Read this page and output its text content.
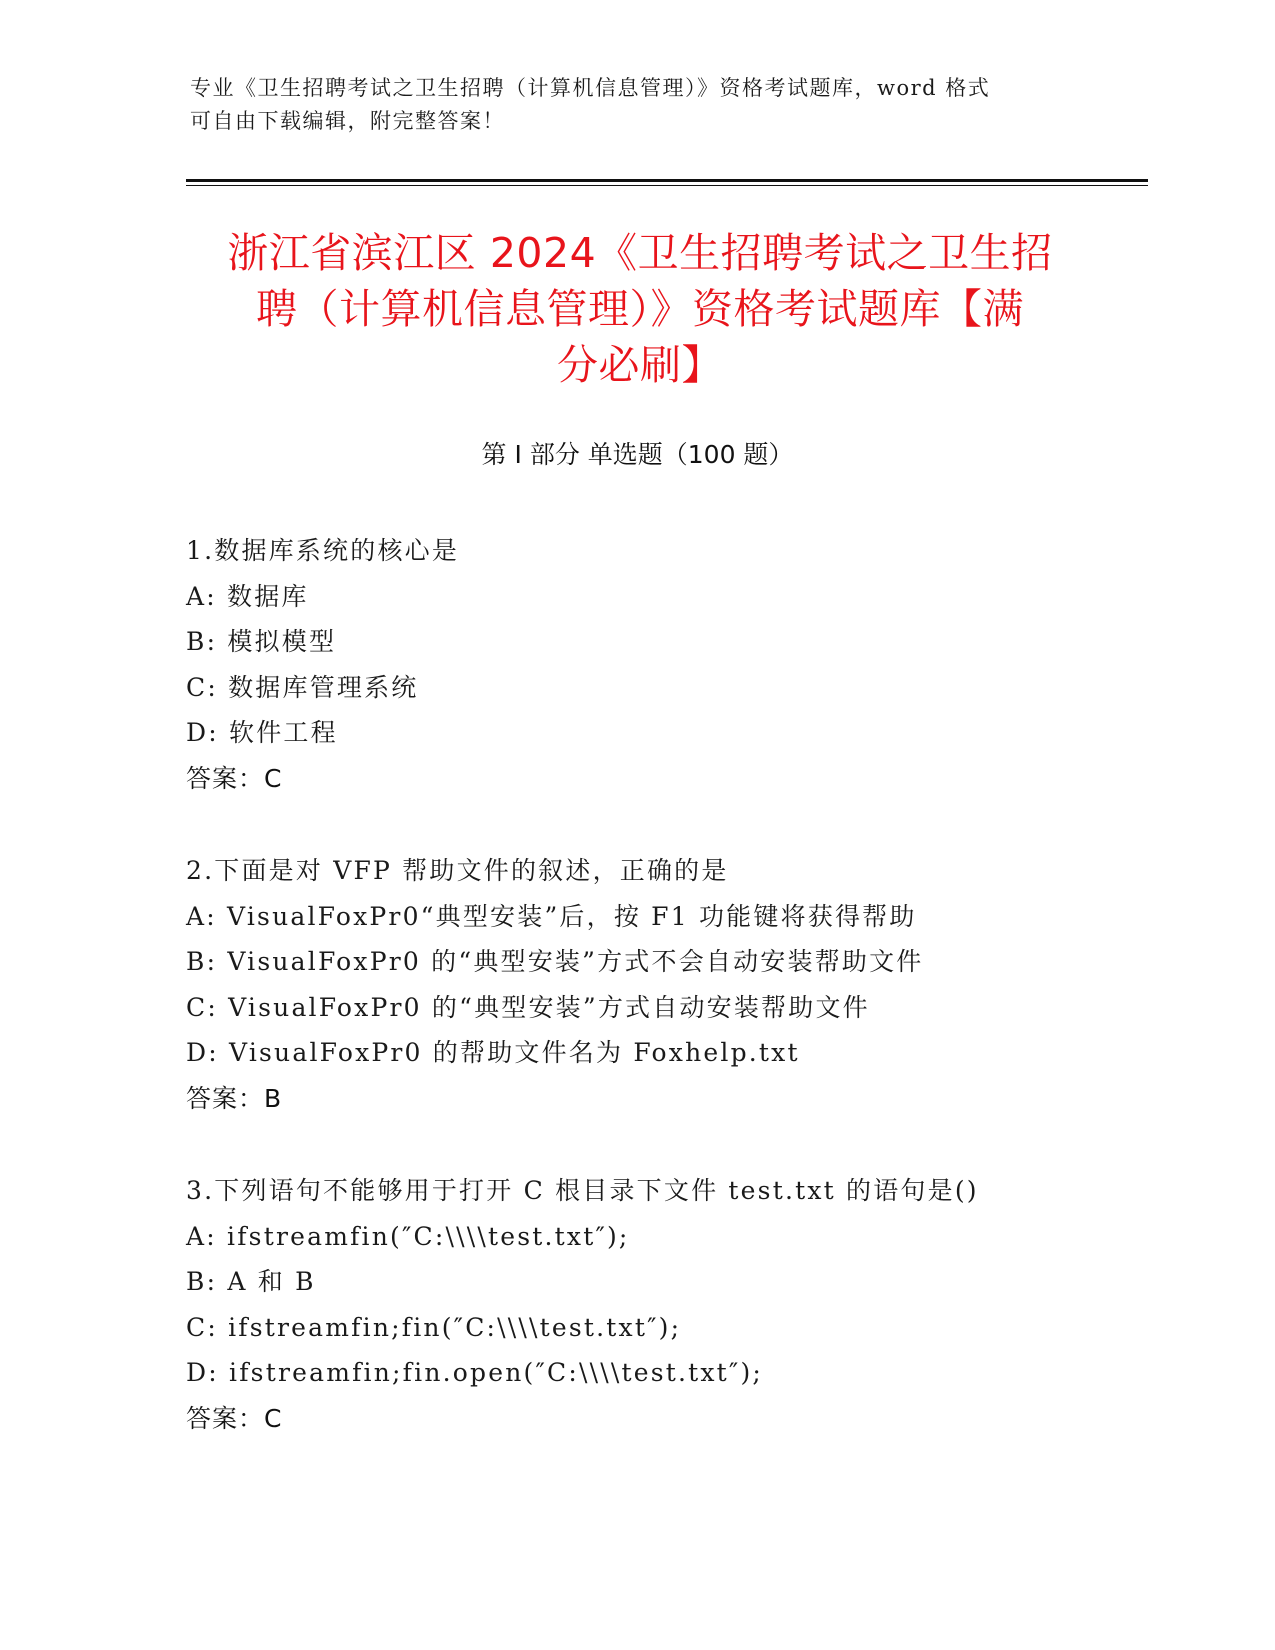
专业《卫生招聘考试之卫生招聘（计算机信息管理）》资格考试题库，word 格式
可自由下载编辑，附完整答案！
浙江省滨江区 2024《卫生招聘考试之卫生招
聘（计算机信息管理）》资格考试题库【满
分必刷】
第 I 部分 单选题（100 题）
1.数据库系统的核心是
A: 数据库
B: 模拟模型
C: 数据库管理系统
D: 软件工程
答案：C
2.下面是对 VFP 帮助文件的叙述，正确的是
A: VisualFoxPr0“典型安装”后，按 F1 功能键将获得帮助
B: VisualFoxPr0 的“典型安装”方式不会自动安装帮助文件
C: VisualFoxPr0 的“典型安装”方式自动安装帮助文件
D: VisualFoxPr0 的帮助文件名为 Foxhelp.txt
答案：B
3.下列语句不能够用于打开 C 根目录下文件 test.txt 的语句是()
A: ifstreamfin(″C:\\\\test.txt″);
B: A 和 B
C: ifstreamfin;fin(″C:\\\\test.txt″);
D: ifstreamfin;fin.open(″C:\\\\test.txt″);
答案：C
